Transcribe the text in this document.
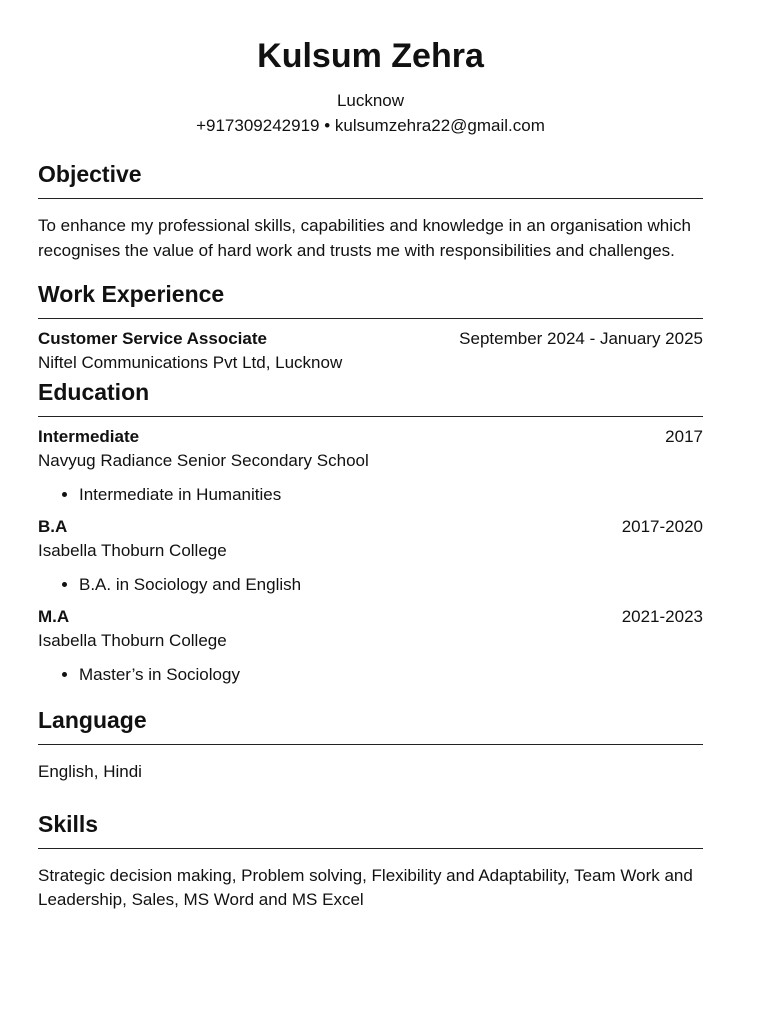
Kulsum Zehra
Lucknow
+917309242919 • kulsumzehra22@gmail.com
Objective
To enhance my professional skills, capabilities and knowledge in an organisation which recognises the value of hard work and trusts me with responsibilities and challenges.
Work Experience
Customer Service Associate	September 2024 - January 2025
Niftel Communications Pvt Ltd, Lucknow
Education
Intermediate	2017
Navyug Radiance Senior Secondary School
• Intermediate in Humanities
B.A	2017-2020
Isabella Thoburn College
• B.A. in Sociology and English
M.A	2021-2023
Isabella Thoburn College
• Master’s in Sociology
Language
English, Hindi
Skills
Strategic decision making, Problem solving, Flexibility and Adaptability, Team Work and Leadership, Sales, MS Word and MS Excel
